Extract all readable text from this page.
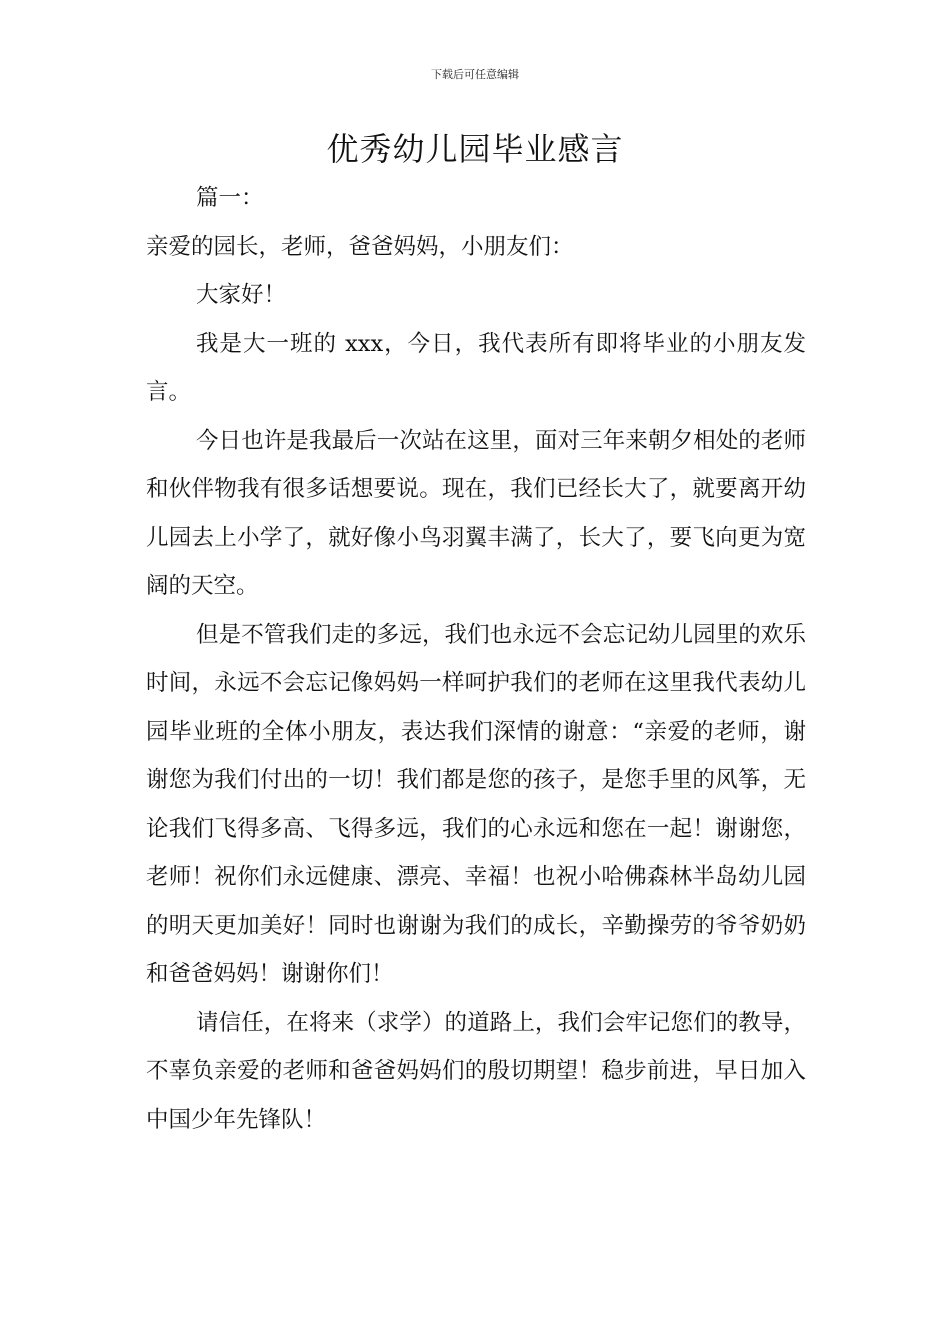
下载后可任意编辑
优秀幼儿园毕业感言

篇一：

亲爱的园长，老师，爸爸妈妈，小朋友们：

大家好！

我是大一班的 xxx，今日，我代表所有即将毕业的小朋友发言。

今日也许是我最后一次站在这里，面对三年来朝夕相处的老师和伙伴物我有很多话想要说。现在，我们已经长大了，就要离开幼儿园去上小学了，就好像小鸟羽翼丰满了，长大了，要飞向更为宽阔的天空。

但是不管我们走的多远，我们也永远不会忘记幼儿园里的欢乐时间，永远不会忘记像妈妈一样呵护我们的老师在这里我代表幼儿园毕业班的全体小朋友，表达我们深情的谢意：“亲爱的老师，谢谢您为我们付出的一切！我们都是您的孩子，是您手里的风筝，无论我们飞得多高、飞得多远，我们的心永远和您在一起！谢谢您，老师！祝你们永远健康、漂亮、幸福！也祝小哈佛森林半岛幼儿园的明天更加美好！同时也谢谢为我们的成长，辛勤操劳的爷爷奶奶和爸爸妈妈！谢谢你们！

请信任，在将来（求学）的道路上，我们会牢记您们的教导，不辜负亲爱的老师和爸爸妈妈们的殷切期望！稳步前进，早日加入中国少年先锋队！
